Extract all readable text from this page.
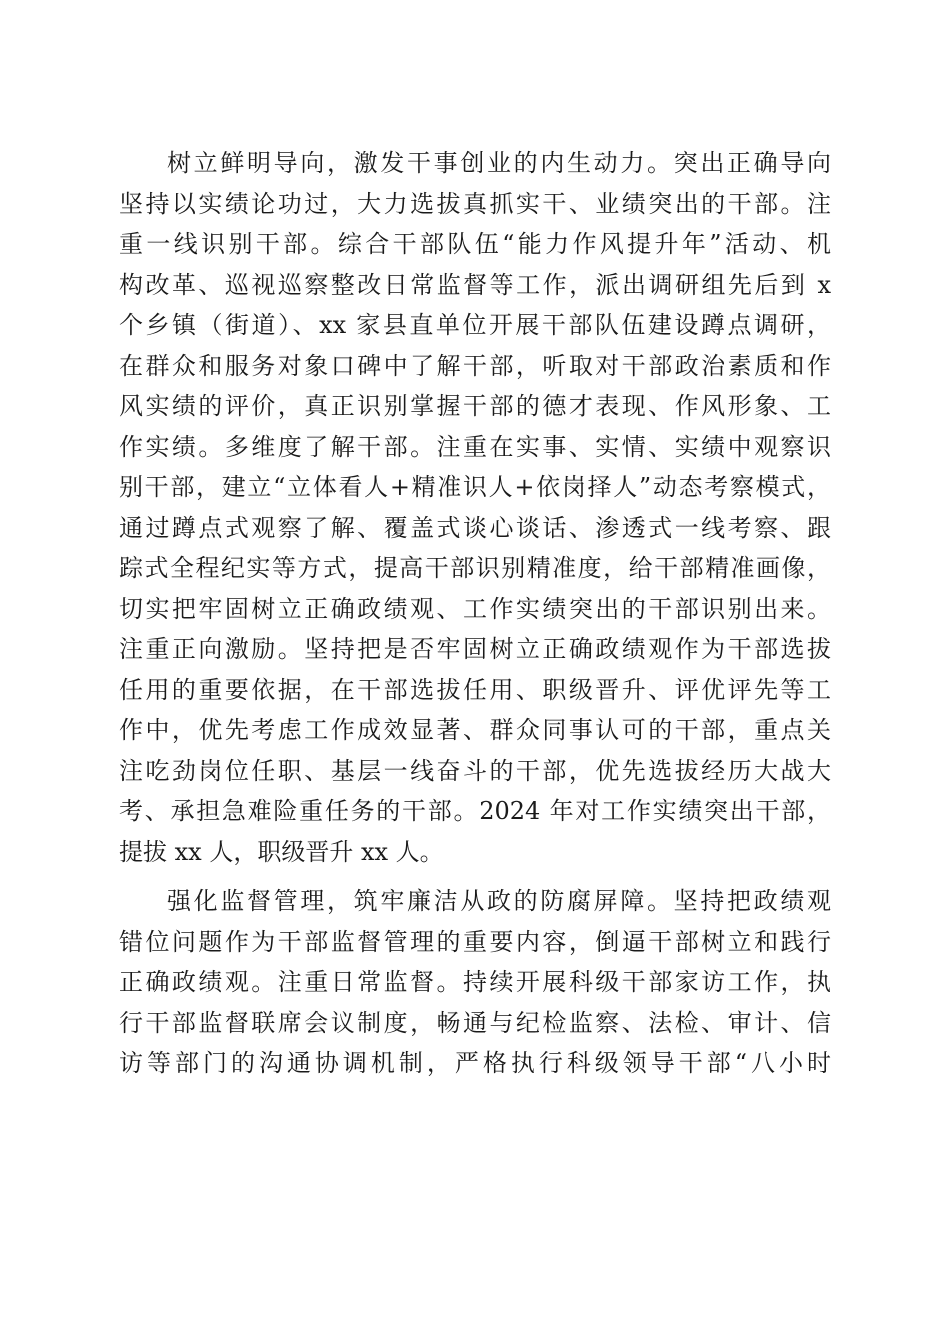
树立鲜明导向，激发干事创业的内生动力。突出正确导向
坚持以实绩论功过，大力选拔真抓实干、业绩突出的干部。注
重一线识别干部。综合干部队伍“能力作风提升年”活动、机
构改革、巡视巡察整改日常监督等工作，派出调研组先后到 x
个乡镇（街道）、xx 家县直单位开展干部队伍建设蹲点调研，
在群众和服务对象口碑中了解干部，听取对干部政治素质和作
风实绩的评价，真正识别掌握干部的德才表现、作风形象、工
作实绩。多维度了解干部。注重在实事、实情、实绩中观察识
别干部，建立“立体看人+精准识人+依岗择人”动态考察模式，
通过蹲点式观察了解、覆盖式谈心谈话、渗透式一线考察、跟
踪式全程纪实等方式，提高干部识别精准度，给干部精准画像，
切实把牢固树立正确政绩观、工作实绩突出的干部识别出来。
注重正向激励。坚持把是否牢固树立正确政绩观作为干部选拔
任用的重要依据，在干部选拔任用、职级晋升、评优评先等工
作中，优先考虑工作成效显著、群众同事认可的干部，重点关
注吃劲岗位任职、基层一线奋斗的干部，优先选拔经历大战大
考、承担急难险重任务的干部。2024 年对工作实绩突出干部，
提拔 xx 人，职级晋升 xx 人。
强化监督管理，筑牢廉洁从政的防腐屏障。坚持把政绩观
错位问题作为干部监督管理的重要内容，倒逼干部树立和践行
正确政绩观。注重日常监督。持续开展科级干部家访工作，执
行干部监督联席会议制度，畅通与纪检监察、法检、审计、信
访等部门的沟通协调机制，严格执行科级领导干部“八小时
